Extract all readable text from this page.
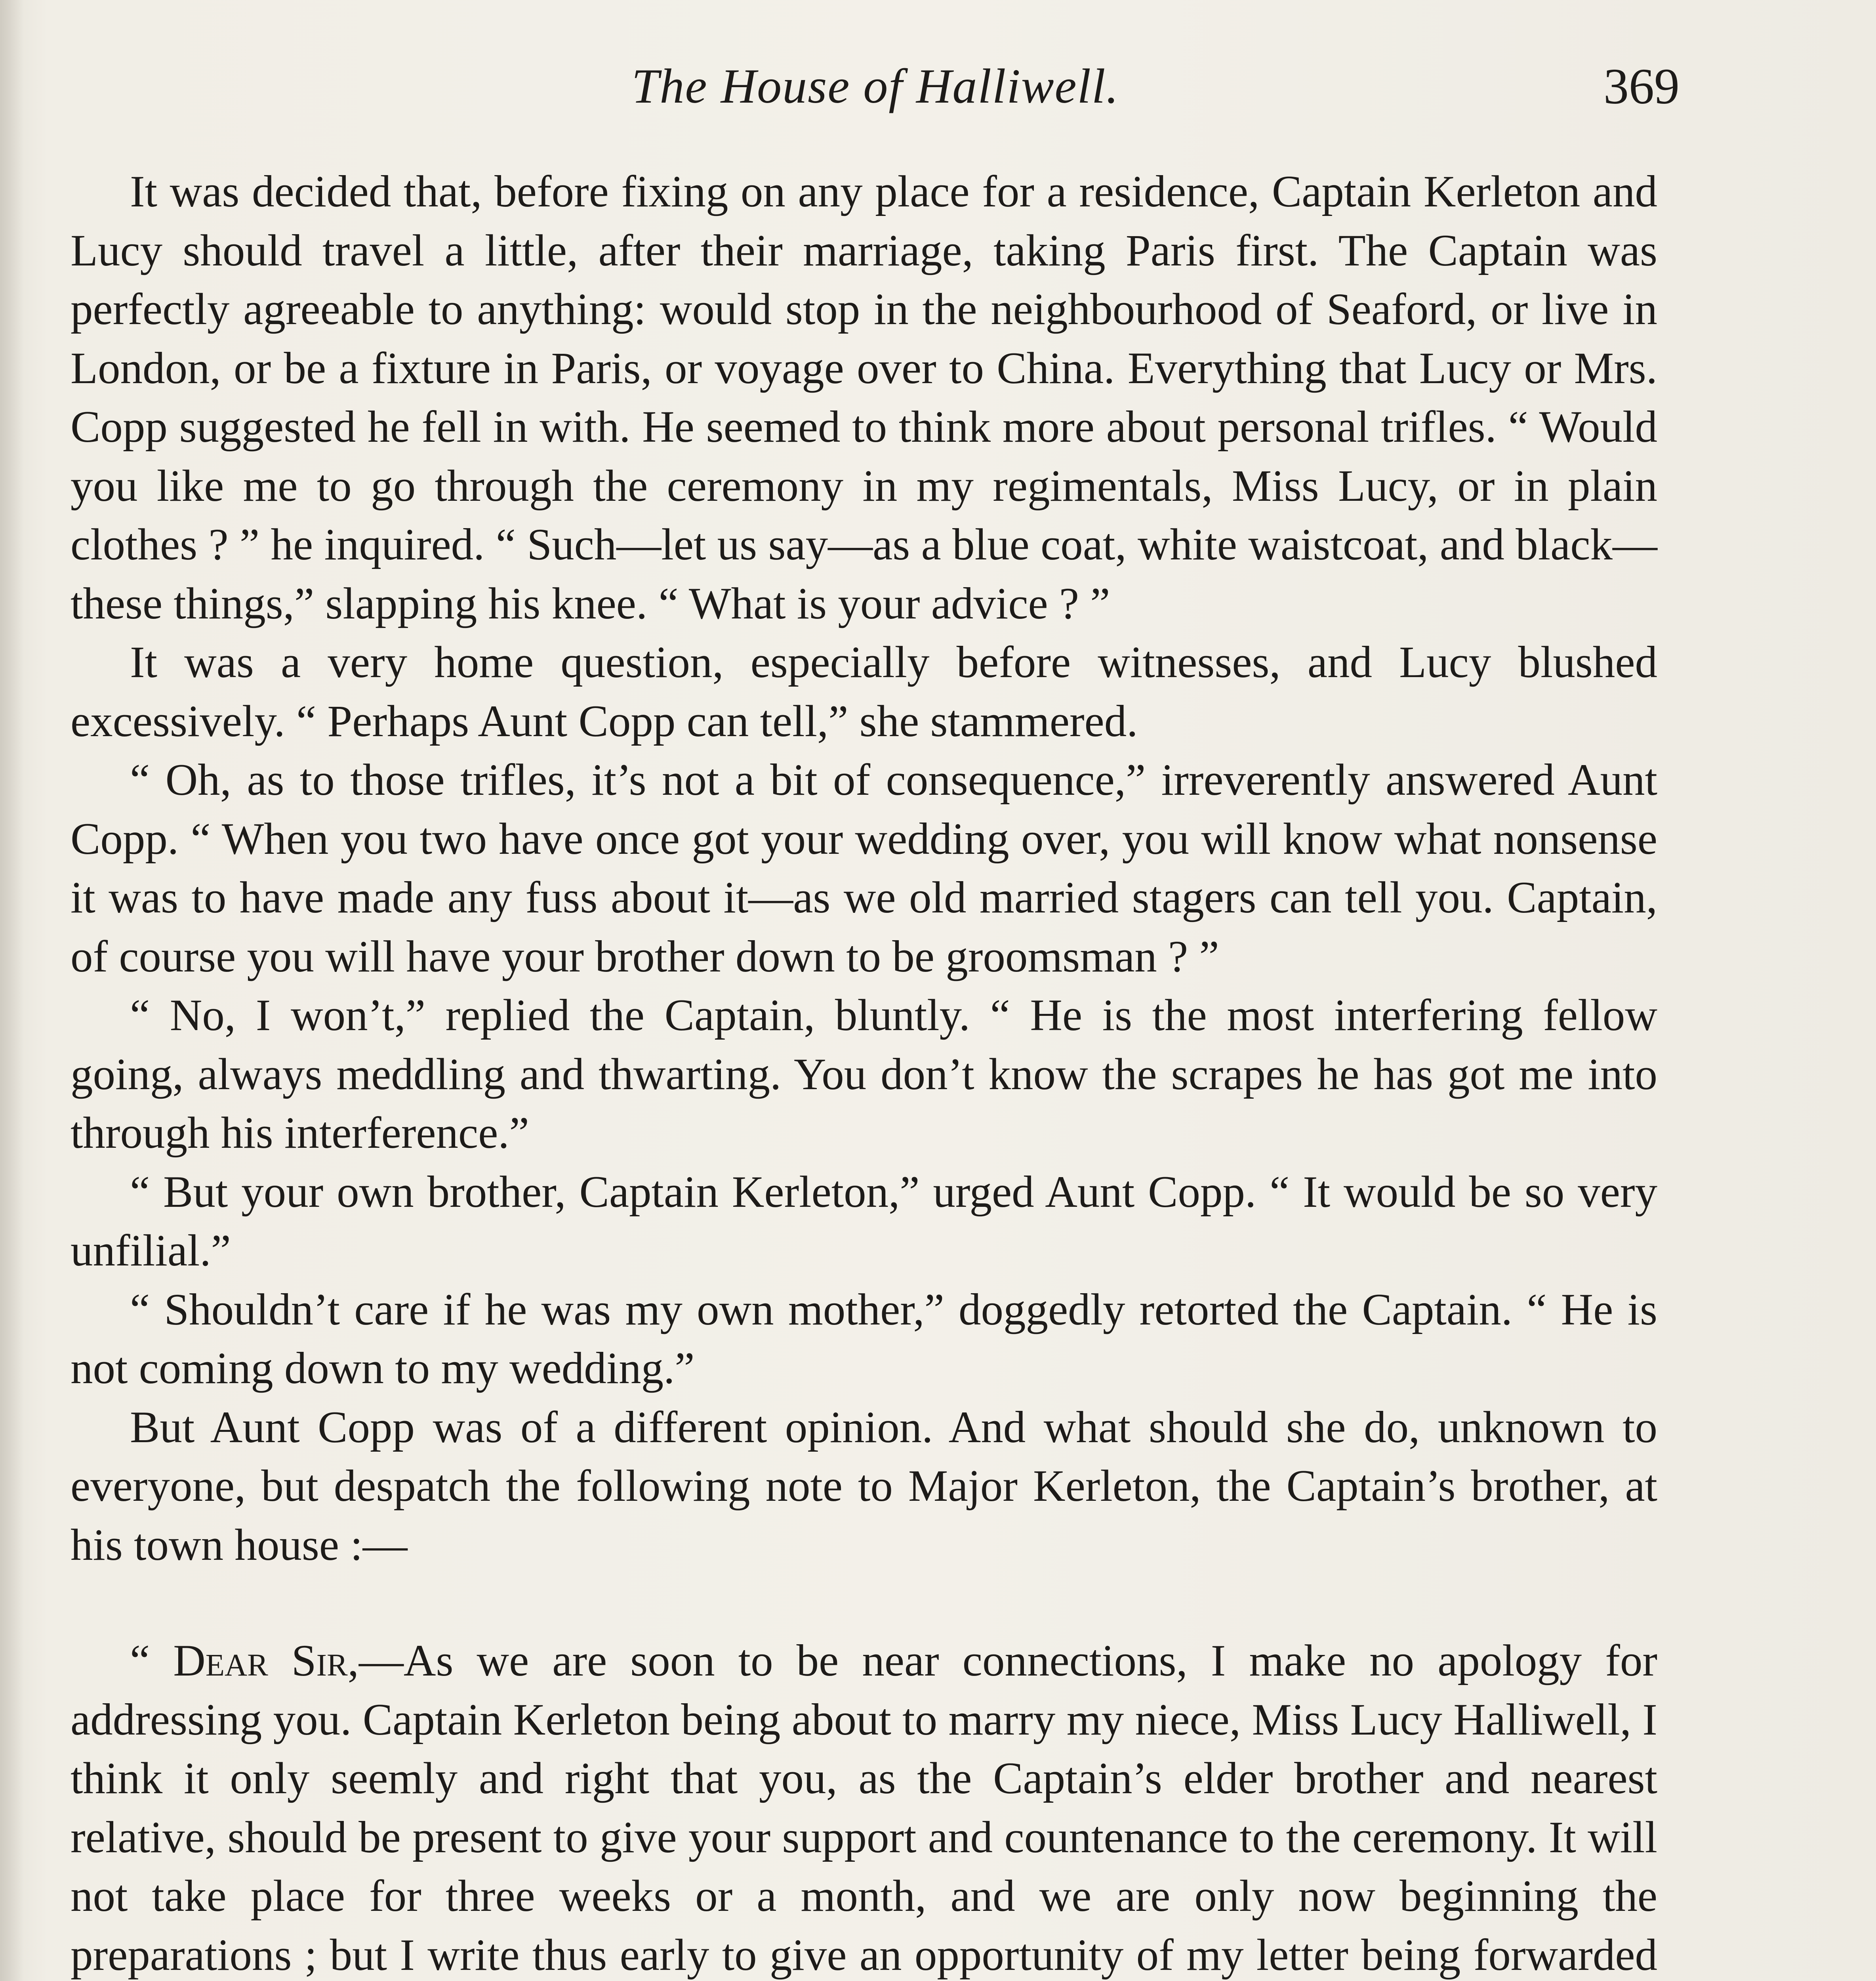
The House of Halliwell.	369

It was decided that, before fixing on any place for a residence, Captain Kerleton and Lucy should travel a little, after their marriage, taking Paris first. The Captain was perfectly agreeable to anything: would stop in the neighbourhood of Seaford, or live in London, or be a fixture in Paris, or voyage over to China. Everything that Lucy or Mrs. Copp suggested he fell in with. He seemed to think more about personal trifles. “ Would you like me to go through the ceremony in my regimentals, Miss Lucy, or in plain clothes ? ” he inquired. “ Such—let us say—as a blue coat, white waistcoat, and black—these things,” slapping his knee. “ What is your advice ? ”

It was a very home question, especially before witnesses, and Lucy blushed excessively. “ Perhaps Aunt Copp can tell,” she stammered.

“ Oh, as to those trifles, it’s not a bit of consequence,” irreverently answered Aunt Copp. “ When you two have once got your wedding over, you will know what nonsense it was to have made any fuss about it—as we old married stagers can tell you. Captain, of course you will have your brother down to be groomsman ? ”

“ No, I won’t,” replied the Captain, bluntly. “ He is the most interfering fellow going, always meddling and thwarting. You don’t know the scrapes he has got me into through his interference.”

“ But your own brother, Captain Kerleton,” urged Aunt Copp. “ It would be so very unfilial.”

“ Shouldn’t care if he was my own mother,” doggedly retorted the Captain. “ He is not coming down to my wedding.”

But Aunt Copp was of a different opinion. And what should she do, unknown to everyone, but despatch the following note to Major Kerleton, the Captain’s brother, at his town house :—

“ Dear Sir,—As we are soon to be near connections, I make no apology for addressing you. Captain Kerleton being about to marry my niece, Miss Lucy Halliwell, I think it only seemly and right that you, as the Captain’s elder brother and nearest relative, should be present to give your support and countenance to the ceremony. It will not take place for three weeks or a month, and we are only now beginning the preparations ; but I write thus early to give an opportunity of my letter being forwarded
